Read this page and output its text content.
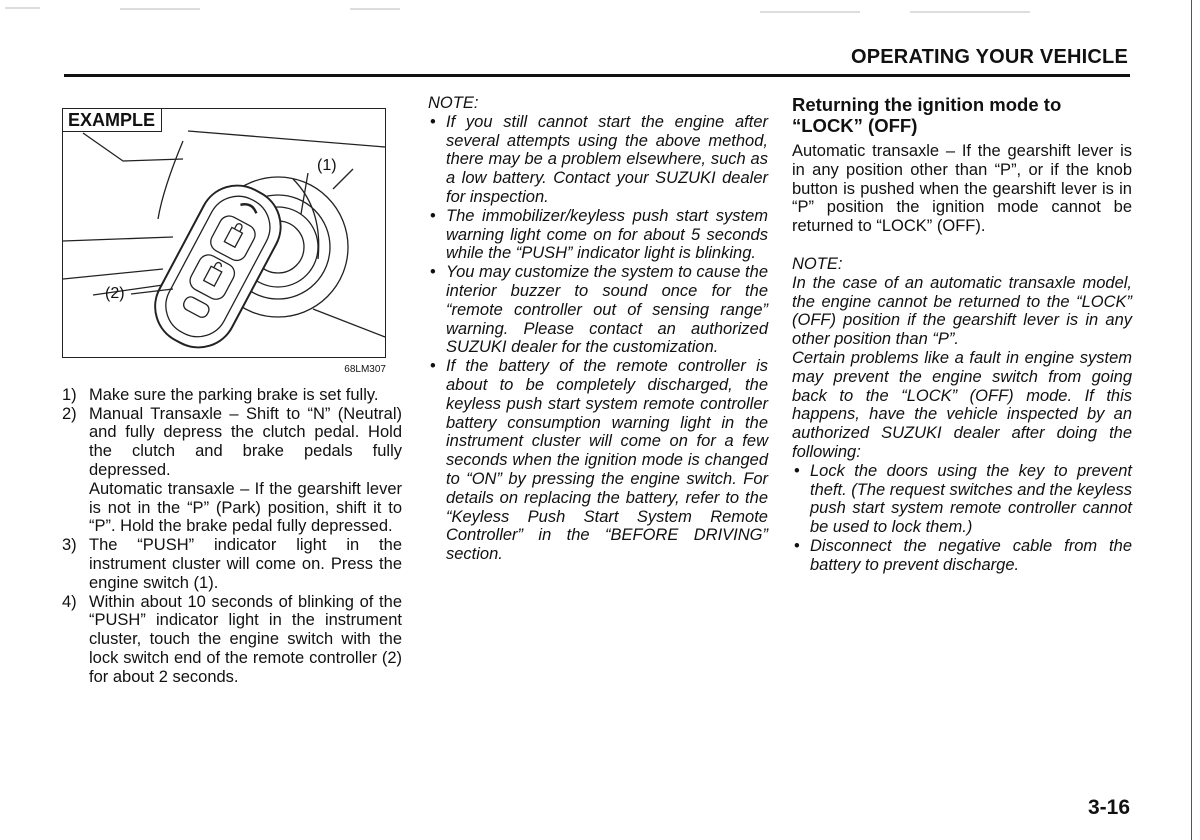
OPERATING YOUR VEHICLE
EXAMPLE
(1)
(2)
68LM307
1) Make sure the parking brake is set fully.

2) Manual Transaxle – Shift to “N” (Neutral) and fully depress the clutch pedal. Hold the clutch and brake pedals fully depressed.

Automatic transaxle – If the gearshift lever is not in the “P” (Park) position, shift it to “P”. Hold the brake pedal fully depressed.

3) The “PUSH” indicator light in the instrument cluster will come on. Press the engine switch (1).

4) Within about 10 seconds of blinking of the “PUSH” indicator light in the instrument cluster, touch the engine switch with the lock switch end of the remote controller (2) for about 2 seconds.

NOTE:

• If you still cannot start the engine after several attempts using the above method, there may be a problem elsewhere, such as a low battery. Contact your SUZUKI dealer for inspection.
• The immobilizer/keyless push start system warning light come on for about 5 seconds while the “PUSH” indicator light is blinking.
• You may customize the system to cause the interior buzzer to sound once for the “remote controller out of sensing range” warning. Please contact an authorized SUZUKI dealer for the customization.
• If the battery of the remote controller is about to be completely discharged, the keyless push start system remote controller battery consumption warning light in the instrument cluster will come on for a few seconds when the ignition mode is changed to “ON” by pressing the engine switch. For details on replacing the battery, refer to the “Keyless Push Start System Remote Controller” in the “BEFORE DRIVING” section.

Returning the ignition mode to “LOCK” (OFF)

Automatic transaxle – If the gearshift lever is in any position other than “P”, or if the knob button is pushed when the gearshift lever is in “P” position the ignition mode cannot be returned to “LOCK” (OFF).

NOTE:

In the case of an automatic transaxle model, the engine cannot be returned to the “LOCK” (OFF) position if the gearshift lever is in any other position than “P”.

Certain problems like a fault in engine system may prevent the engine switch from going back to the “LOCK” (OFF) mode. If this happens, have the vehicle inspected by an authorized SUZUKI dealer after doing the following:

• Lock the doors using the key to prevent theft. (The request switches and the keyless push start system remote controller cannot be used to lock them.)
• Disconnect the negative cable from the battery to prevent discharge.
3-16
